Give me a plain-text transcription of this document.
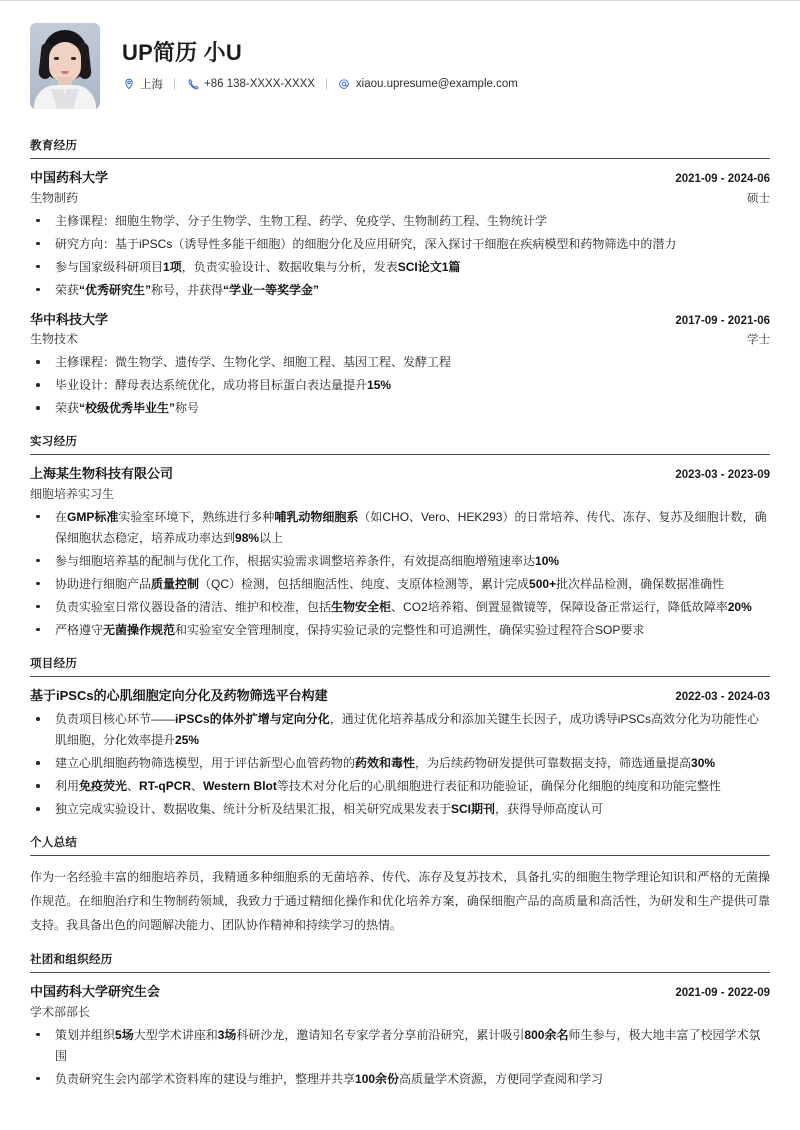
UP简历 小U
上海	+86 138-XXXX-XXXX	xiaou.upresume@example.com
教育经历
中国药科大学	2021-09 - 2024-06
生物制药	硕士
主修课程：细胞生物学、分子生物学、生物工程、药学、免疫学、生物制药工程、生物统计学
研究方向：基于iPSCs（诱导性多能干细胞）的细胞分化及应用研究，深入探讨干细胞在疾病模型和药物筛选中的潜力
参与国家级科研项目1项，负责实验设计、数据收集与分析，发表SCI论文1篇
荣获“优秀研究生”称号，并获得“学业一等奖学金”
华中科技大学	2017-09 - 2021-06
生物技术	学士
主修课程：微生物学、遗传学、生物化学、细胞工程、基因工程、发酵工程
毕业设计：酵母表达系统优化，成功将目标蛋白表达量提升15%
荣获“校级优秀毕业生”称号
实习经历
上海某生物科技有限公司	2023-03 - 2023-09
细胞培养实习生
在GMP标准实验室环境下，熟练进行多种哺乳动物细胞系（如CHO、Vero、HEK293）的日常培养、传代、冻存、复苏及细胞计数，确保细胞状态稳定，培养成功率达到98%以上
参与细胞培养基的配制与优化工作，根据实验需求调整培养条件，有效提高细胞增殖速率达10%
协助进行细胞产品质量控制（QC）检测，包括细胞活性、纯度、支原体检测等，累计完成500+批次样品检测，确保数据准确性
负责实验室日常仪器设备的清洁、维护和校准，包括生物安全柜、CO2培养箱、倒置显微镜等，保障设备正常运行，降低故障率20%
严格遵守无菌操作规范和实验室安全管理制度，保持实验记录的完整性和可追溯性，确保实验过程符合SOP要求
项目经历
基于iPSCs的心肌细胞定向分化及药物筛选平台构建	2022-03 - 2024-03
负责项目核心环节——iPSCs的体外扩增与定向分化，通过优化培养基成分和添加关键生长因子，成功诱导iPSCs高效分化为功能性心肌细胞，分化效率提升25%
建立心肌细胞药物筛选模型，用于评估新型心血管药物的药效和毒性，为后续药物研发提供可靠数据支持，筛选通量提高30%
利用免疫荧光、RT-qPCR、Western Blot等技术对分化后的心肌细胞进行表征和功能验证，确保分化细胞的纯度和功能完整性
独立完成实验设计、数据收集、统计分析及结果汇报，相关研究成果发表于SCI期刊，获得导师高度认可
个人总结
作为一名经验丰富的细胞培养员，我精通多种细胞系的无菌培养、传代、冻存及复苏技术，具备扎实的细胞生物学理论知识和严格的无菌操作规范。在细胞治疗和生物制药领域，我致力于通过精细化操作和优化培养方案，确保细胞产品的高质量和高活性，为研发和生产提供可靠支持。我具备出色的问题解决能力、团队协作精神和持续学习的热情。
社团和组织经历
中国药科大学研究生会	2021-09 - 2022-09
学术部部长
策划并组织5场大型学术讲座和3场科研沙龙，邀请知名专家学者分享前沿研究，累计吸引800余名师生参与，极大地丰富了校园学术氛围
负责研究生会内部学术资料库的建设与维护，整理并共享100余份高质量学术资源，方便同学查阅和学习
